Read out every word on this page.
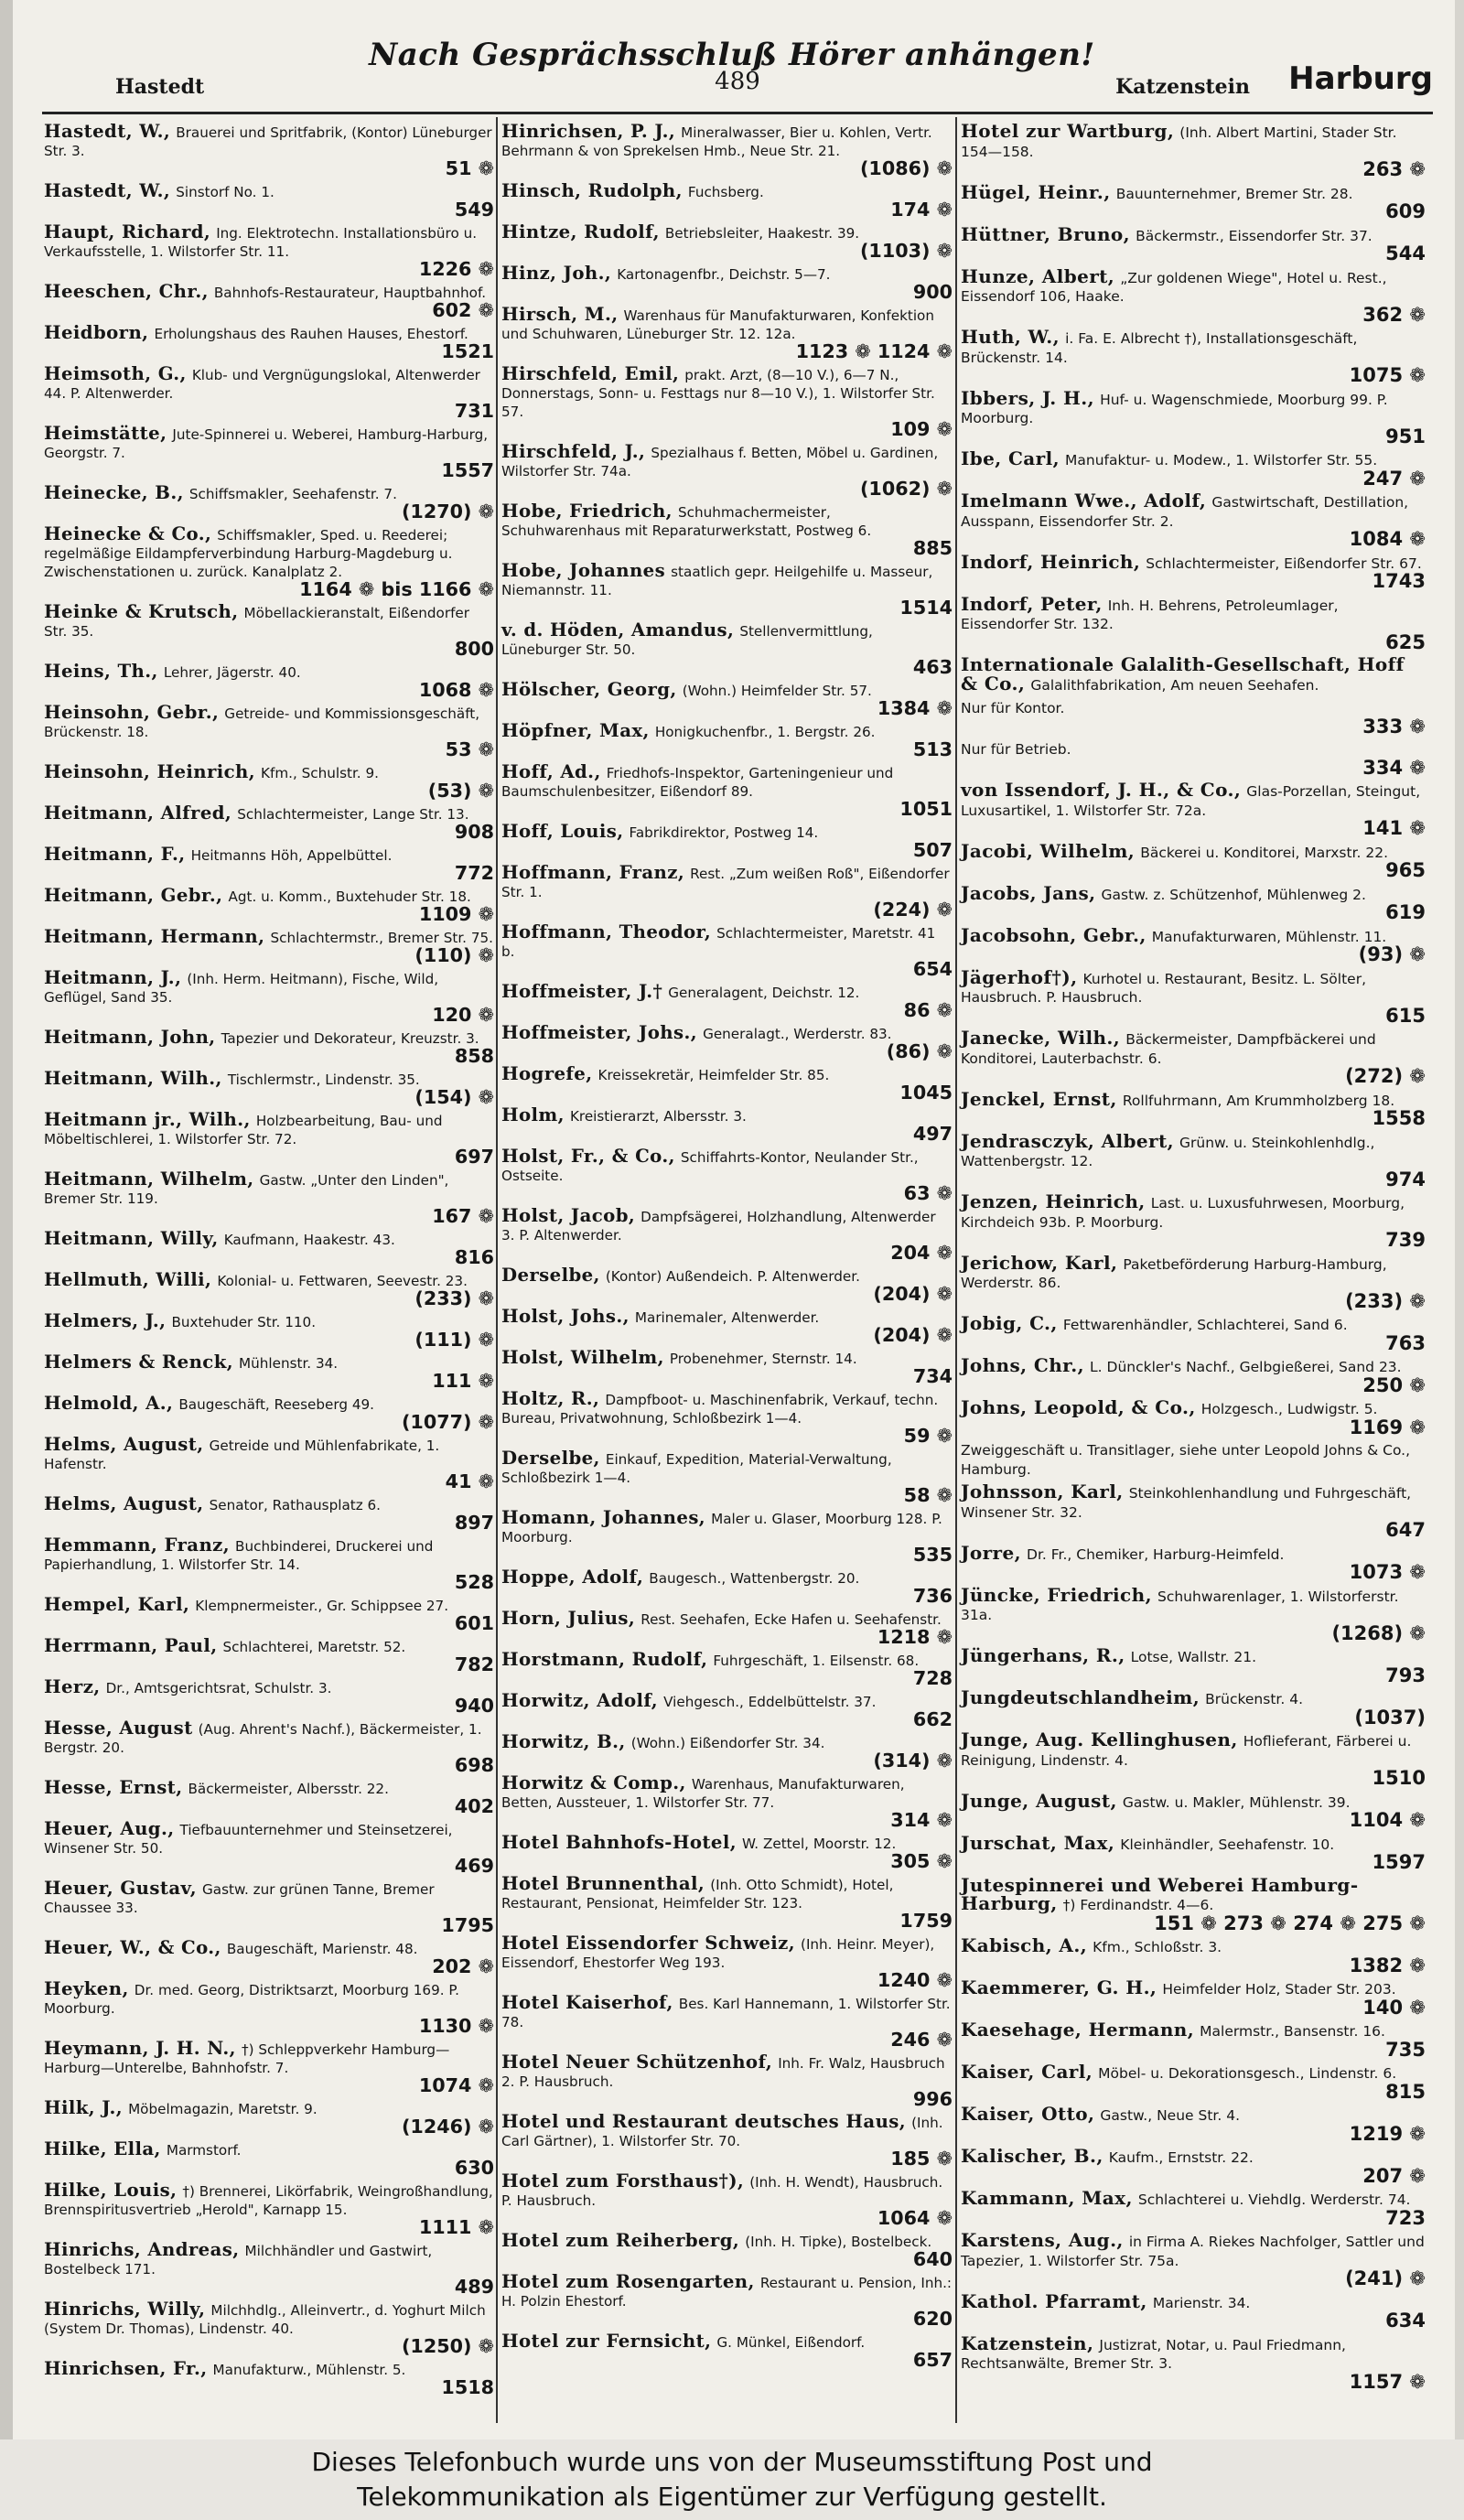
Nach Gesprächsschluß Hörer anhängen!
Hastedt	489	Katzenstein Harburg
Hastedt, W., Brauerei und Spritfabrik, (Kontor) Lüneburger Str. 3.
51 ❁
Hastedt, W., Sinstorf No. 1.
549
Haupt, Richard, Ing. Elektrotechn. Installationsbüro u. Verkaufsstelle, 1. Wilstorfer Str. 11.
1226 ❁
Heeschen, Chr., Bahnhofs-Restaurateur, Hauptbahnhof.
602 ❁
Heidborn, Erholungshaus des Rauhen Hauses, Ehestorf.
1521
Heimsoth, G., Klub- und Vergnügungslokal, Altenwerder 44. P. Altenwerder.
731
Heimstätte, Jute-Spinnerei u. Weberei, Hamburg-Harburg, Georgstr. 7.
1557
Heinecke, B., Schiffsmakler, Seehafenstr. 7.
(1270) ❁
Heinecke & Co., Schiffsmakler, Sped. u. Reederei; regelmäßige Eildampferverbindung Harburg-Magdeburg u. Zwischenstationen u. zurück. Kanalplatz 2.
1164 ❁ bis 1166 ❁
Heinke & Krutsch, Möbellackieranstalt, Eißendorfer Str. 35.
800
Heins, Th., Lehrer, Jägerstr. 40.
1068 ❁
Heinsohn, Gebr., Getreide- und Kommissionsgeschäft, Brückenstr. 18.
53 ❁
Heinsohn, Heinrich, Kfm., Schulstr. 9.
(53) ❁
Heitmann, Alfred, Schlachtermeister, Lange Str. 13.
908
Heitmann, F., Heitmanns Höh, Appelbüttel.
772
Heitmann, Gebr., Agt. u. Komm., Buxtehuder Str. 18.
1109 ❁
Heitmann, Hermann, Schlachtermstr., Bremer Str. 75.
(110) ❁
Heitmann, J., (Inh. Herm. Heitmann), Fische, Wild, Geflügel, Sand 35.
120 ❁
Heitmann, John, Tapezier und Dekorateur, Kreuzstr. 3.
858
Heitmann, Wilh., Tischlermstr., Lindenstr. 35.
(154) ❁
Heitmann jr., Wilh., Holzbearbeitung, Bau- und Möbeltischlerei, 1. Wilstorfer Str. 72.
697
Heitmann, Wilhelm, Gastw. „Unter den Linden", Bremer Str. 119.
167 ❁
Heitmann, Willy, Kaufmann, Haakestr. 43.
816
Hellmuth, Willi, Kolonial- u. Fettwaren, Seevestr. 23.
(233) ❁
Helmers, J., Buxtehuder Str. 110.
(111) ❁
Helmers & Renck, Mühlenstr. 34.
111 ❁
Helmold, A., Baugeschäft, Reeseberg 49.
(1077) ❁
Helms, August, Getreide und Mühlenfabrikate, 1. Hafenstr.
41 ❁
Helms, August, Senator, Rathausplatz 6.
897
Hemmann, Franz, Buchbinderei, Druckerei und Papierhandlung, 1. Wilstorfer Str. 14.
528
Hempel, Karl, Klempnermeister., Gr. Schippsee 27.
601
Herrmann, Paul, Schlachterei, Maretstr. 52.
782
Herz, Dr., Amtsgerichtsrat, Schulstr. 3.
940
Hesse, August (Aug. Ahrent's Nachf.), Bäckermeister, 1. Bergstr. 20.
698
Hesse, Ernst, Bäckermeister, Albersstr. 22.
402
Heuer, Aug., Tiefbauunternehmer und Steinsetzerei, Winsener Str. 50.
469
Heuer, Gustav, Gastw. zur grünen Tanne, Bremer Chaussee 33.
1795
Heuer, W., & Co., Baugeschäft, Marienstr. 48.
202 ❁
Heyken, Dr. med. Georg, Distriktsarzt, Moorburg 169. P. Moorburg.
1130 ❁
Heymann, J. H. N., †) Schleppverkehr Hamburg—Harburg—Unterelbe, Bahnhofstr. 7.
1074 ❁
Hilk, J., Möbelmagazin, Maretstr. 9.
(1246) ❁
Hilke, Ella, Marmstorf.
630
Hilke, Louis, †) Brennerei, Likörfabrik, Weingroßhandlung, Brennspiritusvertrieb „Herold", Karnapp 15.
1111 ❁
Hinrichs, Andreas, Milchhändler und Gastwirt, Bostelbeck 171.
489
Hinrichs, Willy, Milchhdlg., Alleinvertr., d. Yoghurt Milch (System Dr. Thomas), Lindenstr. 40.
(1250) ❁
Hinrichsen, Fr., Manufakturw., Mühlenstr. 5.
1518
Hinrichsen, P. J., Mineralwasser, Bier u. Kohlen, Vertr. Behrmann & von Sprekelsen Hmb., Neue Str. 21.
(1086) ❁
Hinsch, Rudolph, Fuchsberg.
174 ❁
Hintze, Rudolf, Betriebsleiter, Haakestr. 39.
(1103) ❁
Hinz, Joh., Kartonagenfbr., Deichstr. 5—7.
900
Hirsch, M., Warenhaus für Manufakturwaren, Konfektion und Schuhwaren, Lüneburger Str. 12. 12a.
1123 ❁ 1124 ❁
Hirschfeld, Emil, prakt. Arzt, (8—10 V.), 6—7 N., Donnerstags, Sonn- u. Festtags nur 8—10 V.), 1. Wilstorfer Str. 57.
109 ❁
Hirschfeld, J., Spezialhaus f. Betten, Möbel u. Gardinen, Wilstorfer Str. 74a.
(1062) ❁
Hobe, Friedrich, Schuhmachermeister, Schuhwarenhaus mit Reparaturwerkstatt, Postweg 6.
885
Hobe, Johannes staatlich gepr. Heilgehilfe u. Masseur, Niemannstr. 11.
1514
v. d. Höden, Amandus, Stellenvermittlung, Lüneburger Str. 50.
463
Hölscher, Georg, (Wohn.) Heimfelder Str. 57.
1384 ❁
Höpfner, Max, Honigkuchenfbr., 1. Bergstr. 26.
513
Hoff, Ad., Friedhofs-Inspektor, Garteningenieur und Baumschulenbesitzer, Eißendorf 89.
1051
Hoff, Louis, Fabrikdirektor, Postweg 14.
507
Hoffmann, Franz, Rest. „Zum weißen Roß", Eißendorfer Str. 1.
(224) ❁
Hoffmann, Theodor, Schlachtermeister, Maretstr. 41 b.
654
Hoffmeister, J.† Generalagent, Deichstr. 12.
86 ❁
Hoffmeister, Johs., Generalagt., Werderstr. 83.
(86) ❁
Hogrefe, Kreissekretär, Heimfelder Str. 85.
1045
Holm, Kreistierarzt, Albersstr. 3.
497
Holst, Fr., & Co., Schiffahrts-Kontor, Neulander Str., Ostseite.
63 ❁
Holst, Jacob, Dampfsägerei, Holzhandlung, Altenwerder 3. P. Altenwerder.
204 ❁
Derselbe, (Kontor) Außendeich. P. Altenwerder.
(204) ❁
Holst, Johs., Marinemaler, Altenwerder.
(204) ❁
Holst, Wilhelm, Probenehmer, Sternstr. 14.
734
Holtz, R., Dampfboot- u. Maschinenfabrik, Verkauf, techn. Bureau, Privatwohnung, Schloßbezirk 1—4.
59 ❁
Derselbe, Einkauf, Expedition, Material-Verwaltung, Schloßbezirk 1—4.
58 ❁
Homann, Johannes, Maler u. Glaser, Moorburg 128. P. Moorburg.
535
Hoppe, Adolf, Baugesch., Wattenbergstr. 20.
736
Horn, Julius, Rest. Seehafen, Ecke Hafen u. Seehafenstr.
1218 ❁
Horstmann, Rudolf, Fuhrgeschäft, 1. Eilsenstr. 68.
728
Horwitz, Adolf, Viehgesch., Eddelbüttelstr. 37.
662
Horwitz, B., (Wohn.) Eißendorfer Str. 34.
(314) ❁
Horwitz & Comp., Warenhaus, Manufakturwaren, Betten, Aussteuer, 1. Wilstorfer Str. 77.
314 ❁
Hotel Bahnhofs-Hotel, W. Zettel, Moorstr. 12.
305 ❁
Hotel Brunnenthal, (Inh. Otto Schmidt), Hotel, Restaurant, Pensionat, Heimfelder Str. 123.
1759
Hotel Eissendorfer Schweiz, (Inh. Heinr. Meyer), Eissendorf, Ehestorfer Weg 193.
1240 ❁
Hotel Kaiserhof, Bes. Karl Hannemann, 1. Wilstorfer Str. 78.
246 ❁
Hotel Neuer Schützenhof, Inh. Fr. Walz, Hausbruch 2. P. Hausbruch.
996
Hotel und Restaurant deutsches Haus, (Inh. Carl Gärtner), 1. Wilstorfer Str. 70.
185 ❁
Hotel zum Forsthaus†), (Inh. H. Wendt), Hausbruch. P. Hausbruch.
1064 ❁
Hotel zum Reiherberg, (Inh. H. Tipke), Bostelbeck.
640
Hotel zum Rosengarten, Restaurant u. Pension, Inh.: H. Polzin Ehestorf.
620
Hotel zur Fernsicht, G. Münkel, Eißendorf.
657
Hotel zur Wartburg, (Inh. Albert Martini, Stader Str. 154—158.
263 ❁
Hügel, Heinr., Bauunternehmer, Bremer Str. 28.
609
Hüttner, Bruno, Bäckermstr., Eissendorfer Str. 37.
544
Hunze, Albert, „Zur goldenen Wiege", Hotel u. Rest., Eissendorf 106, Haake.
362 ❁
Huth, W., i. Fa. E. Albrecht †), Installationsgeschäft, Brückenstr. 14.
1075 ❁
Ibbers, J. H., Huf- u. Wagenschmiede, Moorburg 99. P. Moorburg.
951
Ibe, Carl, Manufaktur- u. Modew., 1. Wilstorfer Str. 55.
247 ❁
Imelmann Wwe., Adolf, Gastwirtschaft, Destillation, Ausspann, Eissendorfer Str. 2.
1084 ❁
Indorf, Heinrich, Schlachtermeister, Eißendorfer Str. 67.
1743
Indorf, Peter, Inh. H. Behrens, Petroleumlager, Eissendorfer Str. 132.
625
Internationale Galalith-Gesellschaft, Hoff & Co., Galalithfabrikation, Am neuen Seehafen.
Nur für Kontor.
333 ❁
Nur für Betrieb.
334 ❁
von Issendorf, J. H., & Co., Glas-Porzellan, Steingut, Luxusartikel, 1. Wilstorfer Str. 72a.
141 ❁
Jacobi, Wilhelm, Bäckerei u. Konditorei, Marxstr. 22.
965
Jacobs, Jans, Gastw. z. Schützenhof, Mühlenweg 2.
619
Jacobsohn, Gebr., Manufakturwaren, Mühlenstr. 11.
(93) ❁
Jägerhof†), Kurhotel u. Restaurant, Besitz. L. Sölter, Hausbruch. P. Hausbruch.
615
Janecke, Wilh., Bäckermeister, Dampfbäckerei und Konditorei, Lauterbachstr. 6.
(272) ❁
Jenckel, Ernst, Rollfuhrmann, Am Krummholzberg 18.
1558
Jendrasczyk, Albert, Grünw. u. Steinkohlenhdlg., Wattenbergstr. 12.
974
Jenzen, Heinrich, Last. u. Luxusfuhrwesen, Moorburg, Kirchdeich 93b. P. Moorburg.
739
Jerichow, Karl, Paketbeförderung Harburg-Hamburg, Werderstr. 86.
(233) ❁
Jobig, C., Fettwarenhändler, Schlachterei, Sand 6.
763
Johns, Chr., L. Dünckler's Nachf., Gelbgießerei, Sand 23.
250 ❁
Johns, Leopold, & Co., Holzgesch., Ludwigstr. 5.
1169 ❁
Zweiggeschäft u. Transitlager, siehe unter Leopold Johns & Co., Hamburg.
Johnsson, Karl, Steinkohlenhandlung und Fuhrgeschäft, Winsener Str. 32.
647
Jorre, Dr. Fr., Chemiker, Harburg-Heimfeld.
1073 ❁
Jüncke, Friedrich, Schuhwarenlager, 1. Wilstorferstr. 31a.
(1268) ❁
Jüngerhans, R., Lotse, Wallstr. 21.
793
Jungdeutschlandheim, Brückenstr. 4.
(1037)
Junge, Aug. Kellinghusen, Hoflieferant, Färberei u. Reinigung, Lindenstr. 4.
1510
Junge, August, Gastw. u. Makler, Mühlenstr. 39.
1104 ❁
Jurschat, Max, Kleinhändler, Seehafenstr. 10.
1597
Jutespinnerei und Weberei Hamburg-Harburg, †) Ferdinandstr. 4—6.
151 ❁ 273 ❁ 274 ❁ 275 ❁
Kabisch, A., Kfm., Schloßstr. 3.
1382 ❁
Kaemmerer, G. H., Heimfelder Holz, Stader Str. 203.
140 ❁
Kaesehage, Hermann, Malermstr., Bansenstr. 16.
735
Kaiser, Carl, Möbel- u. Dekorationsgesch., Lindenstr. 6.
815
Kaiser, Otto, Gastw., Neue Str. 4.
1219 ❁
Kalischer, B., Kaufm., Ernststr. 22.
207 ❁
Kammann, Max, Schlachterei u. Viehdlg. Werderstr. 74.
723
Karstens, Aug., in Firma A. Riekes Nachfolger, Sattler und Tapezier, 1. Wilstorfer Str. 75a.
(241) ❁
Kathol. Pfarramt, Marienstr. 34.
634
Katzenstein, Justizrat, Notar, u. Paul Friedmann, Rechtsanwälte, Bremer Str. 3.
1157 ❁
Dieses Telefonbuch wurde uns von der Museumsstiftung Post und
Telekommunikation als Eigentümer zur Verfügung gestellt.
